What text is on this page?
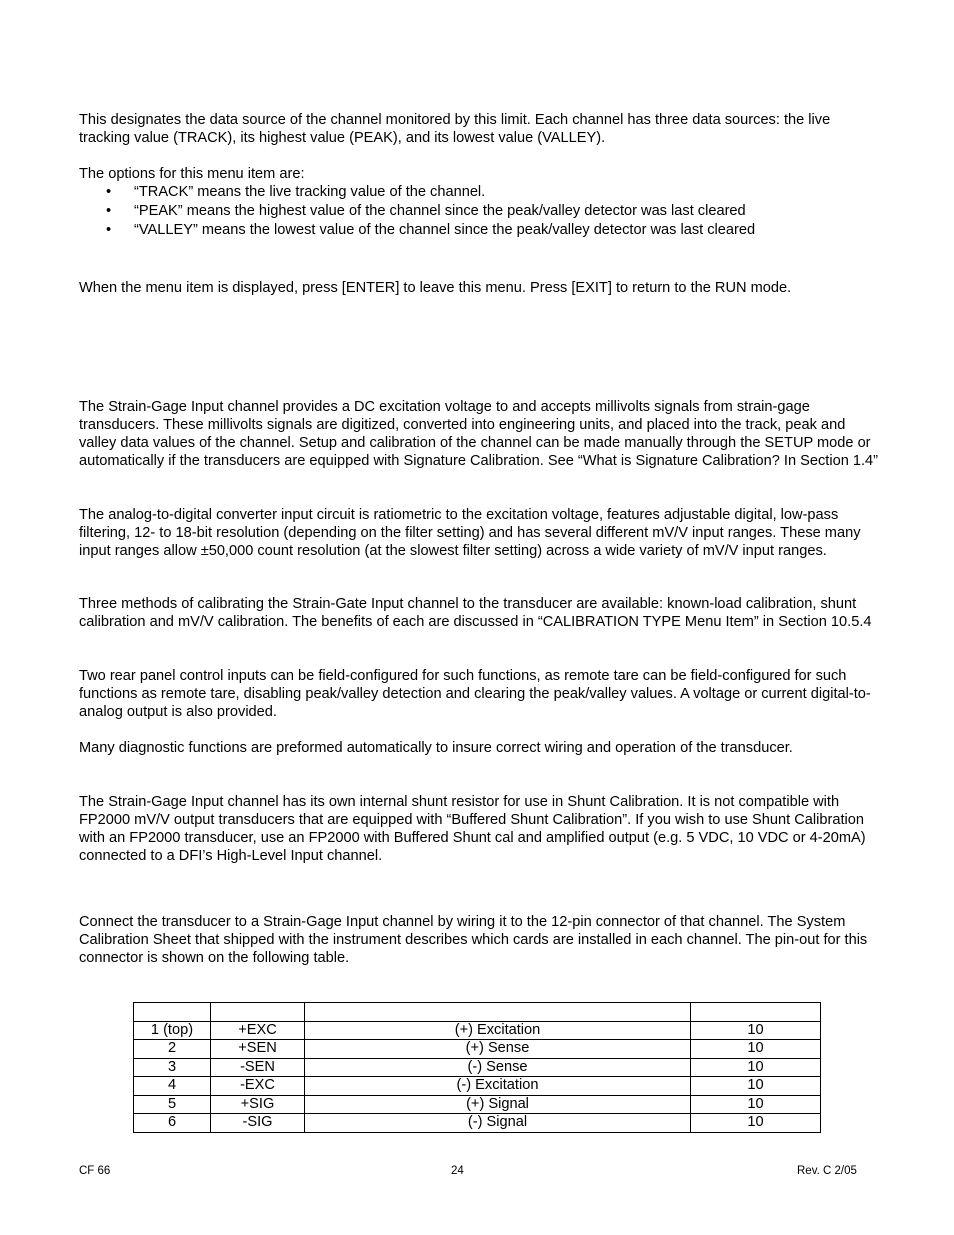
This designates the data source of the channel monitored by this limit. Each channel has three data sources: the live tracking value (TRACK), its highest value (PEAK), and its lowest value (VALLEY).

The options for this menu item are:

• “TRACK” means the live tracking value of the channel.
• “PEAK” means the highest value of the channel since the peak/valley detector was last cleared
• “VALLEY” means the lowest value of the channel since the peak/valley detector was last cleared

When the menu item is displayed, press [ENTER] to leave this menu. Press [EXIT] to return to the RUN mode.

The Strain-Gage Input channel provides a DC excitation voltage to and accepts millivolts signals from strain-gage transducers. These millivolts signals are digitized, converted into engineering units, and placed into the track, peak and valley data values of the channel. Setup and calibration of the channel can be made manually through the SETUP mode or automatically if the transducers are equipped with Signature Calibration. See “What is Signature Calibration? In Section 1.4”

The analog-to-digital converter input circuit is ratiometric to the excitation voltage, features adjustable digital, low-pass filtering, 12- to 18-bit resolution (depending on the filter setting) and has several different mV/V input ranges. These many input ranges allow ±50,000 count resolution (at the slowest filter setting) across a wide variety of mV/V input ranges.

Three methods of calibrating the Strain-Gate Input channel to the transducer are available: known-load calibration, shunt calibration and mV/V calibration. The benefits of each are discussed in “CALIBRATION TYPE Menu Item” in Section 10.5.4

Two rear panel control inputs can be field-configured for such functions, as remote tare can be field-configured for such functions as remote tare, disabling peak/valley detection and clearing the peak/valley values. A voltage or current digital-to-analog output is also provided.

Many diagnostic functions are preformed automatically to insure correct wiring and operation of the transducer.

The Strain-Gage Input channel has its own internal shunt resistor for use in Shunt Calibration. It is not compatible with FP2000 mV/V output transducers that are equipped with “Buffered Shunt Calibration”. If you wish to use Shunt Calibration with an FP2000 transducer, use an FP2000 with Buffered Shunt cal and amplified output (e.g. 5 VDC, 10 VDC or 4-20mA) connected to a DFI’s High-Level Input channel.

Connect the transducer to a Strain-Gage Input channel by wiring it to the 12-pin connector of that channel. The System Calibration Sheet that shipped with the instrument describes which cards are installed in each channel. The pin-out for this connector is shown on the following table.

1 (top)	+EXC	(+) Excitation	10
2	+SEN	(+) Sense	10
3	-SEN	(-) Sense	10
4	-EXC	(-) Excitation	10
5	+SIG	(+) Signal	10
6	-SIG	(-) Signal	10
CF 66	24	Rev. C 2/05
